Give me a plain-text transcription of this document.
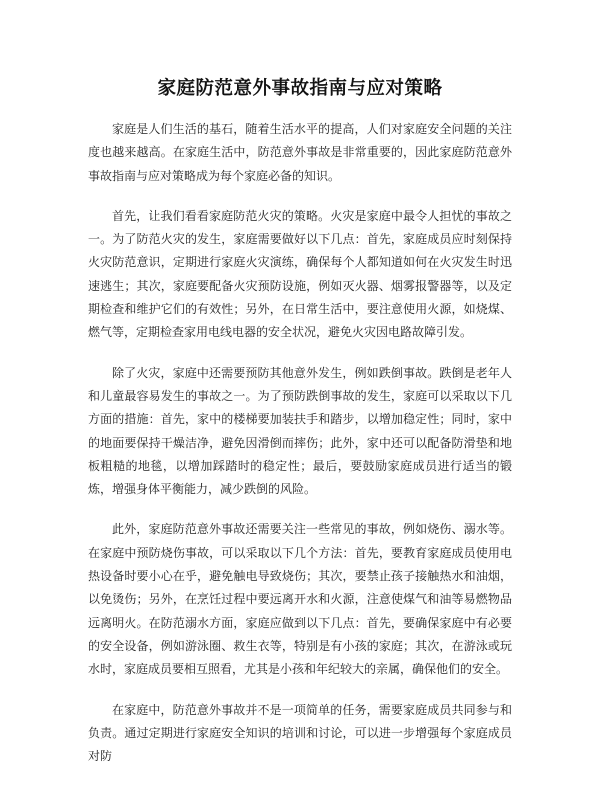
家庭防范意外事故指南与应对策略

家庭是人们生活的基石，随着生活水平的提高，人们对家庭安全问题的关注度也越来越高。在家庭生活中，防范意外事故是非常重要的，因此家庭防范意外事故指南与应对策略成为每个家庭必备的知识。

首先，让我们看看家庭防范火灾的策略。火灾是家庭中最令人担忧的事故之一。为了防范火灾的发生，家庭需要做好以下几点：首先，家庭成员应时刻保持火灾防范意识，定期进行家庭火灾演练，确保每个人都知道如何在火灾发生时迅速逃生；其次，家庭要配备火灾预防设施，例如灭火器、烟雾报警器等，以及定期检查和维护它们的有效性；另外，在日常生活中，要注意使用火源，如烧煤、燃气等，定期检查家用电线电器的安全状况，避免火灾因电路故障引发。

除了火灾，家庭中还需要预防其他意外发生，例如跌倒事故。跌倒是老年人和儿童最容易发生的事故之一。为了预防跌倒事故的发生，家庭可以采取以下几方面的措施：首先，家中的楼梯要加装扶手和踏步，以增加稳定性；同时，家中的地面要保持干燥洁净，避免因滑倒而摔伤；此外，家中还可以配备防滑垫和地板粗糙的地毯，以增加踩踏时的稳定性；最后，要鼓励家庭成员进行适当的锻炼，增强身体平衡能力，减少跌倒的风险。

此外，家庭防范意外事故还需要关注一些常见的事故，例如烧伤、溺水等。在家庭中预防烧伤事故，可以采取以下几个方法：首先，要教育家庭成员使用电热设备时要小心在乎，避免触电导致烧伤；其次，要禁止孩子接触热水和油烟，以免烫伤；另外，在烹饪过程中要远离开水和火源，注意使煤气和油等易燃物品远离明火。在防范溺水方面，家庭应做到以下几点：首先，要确保家庭中有必要的安全设备，例如游泳圈、救生衣等，特别是有小孩的家庭；其次，在游泳或玩水时，家庭成员要相互照看，尤其是小孩和年纪较大的亲属，确保他们的安全。

在家庭中，防范意外事故并不是一项简单的任务，需要家庭成员共同参与和负责。通过定期进行家庭安全知识的培训和讨论，可以进一步增强每个家庭成员对防
